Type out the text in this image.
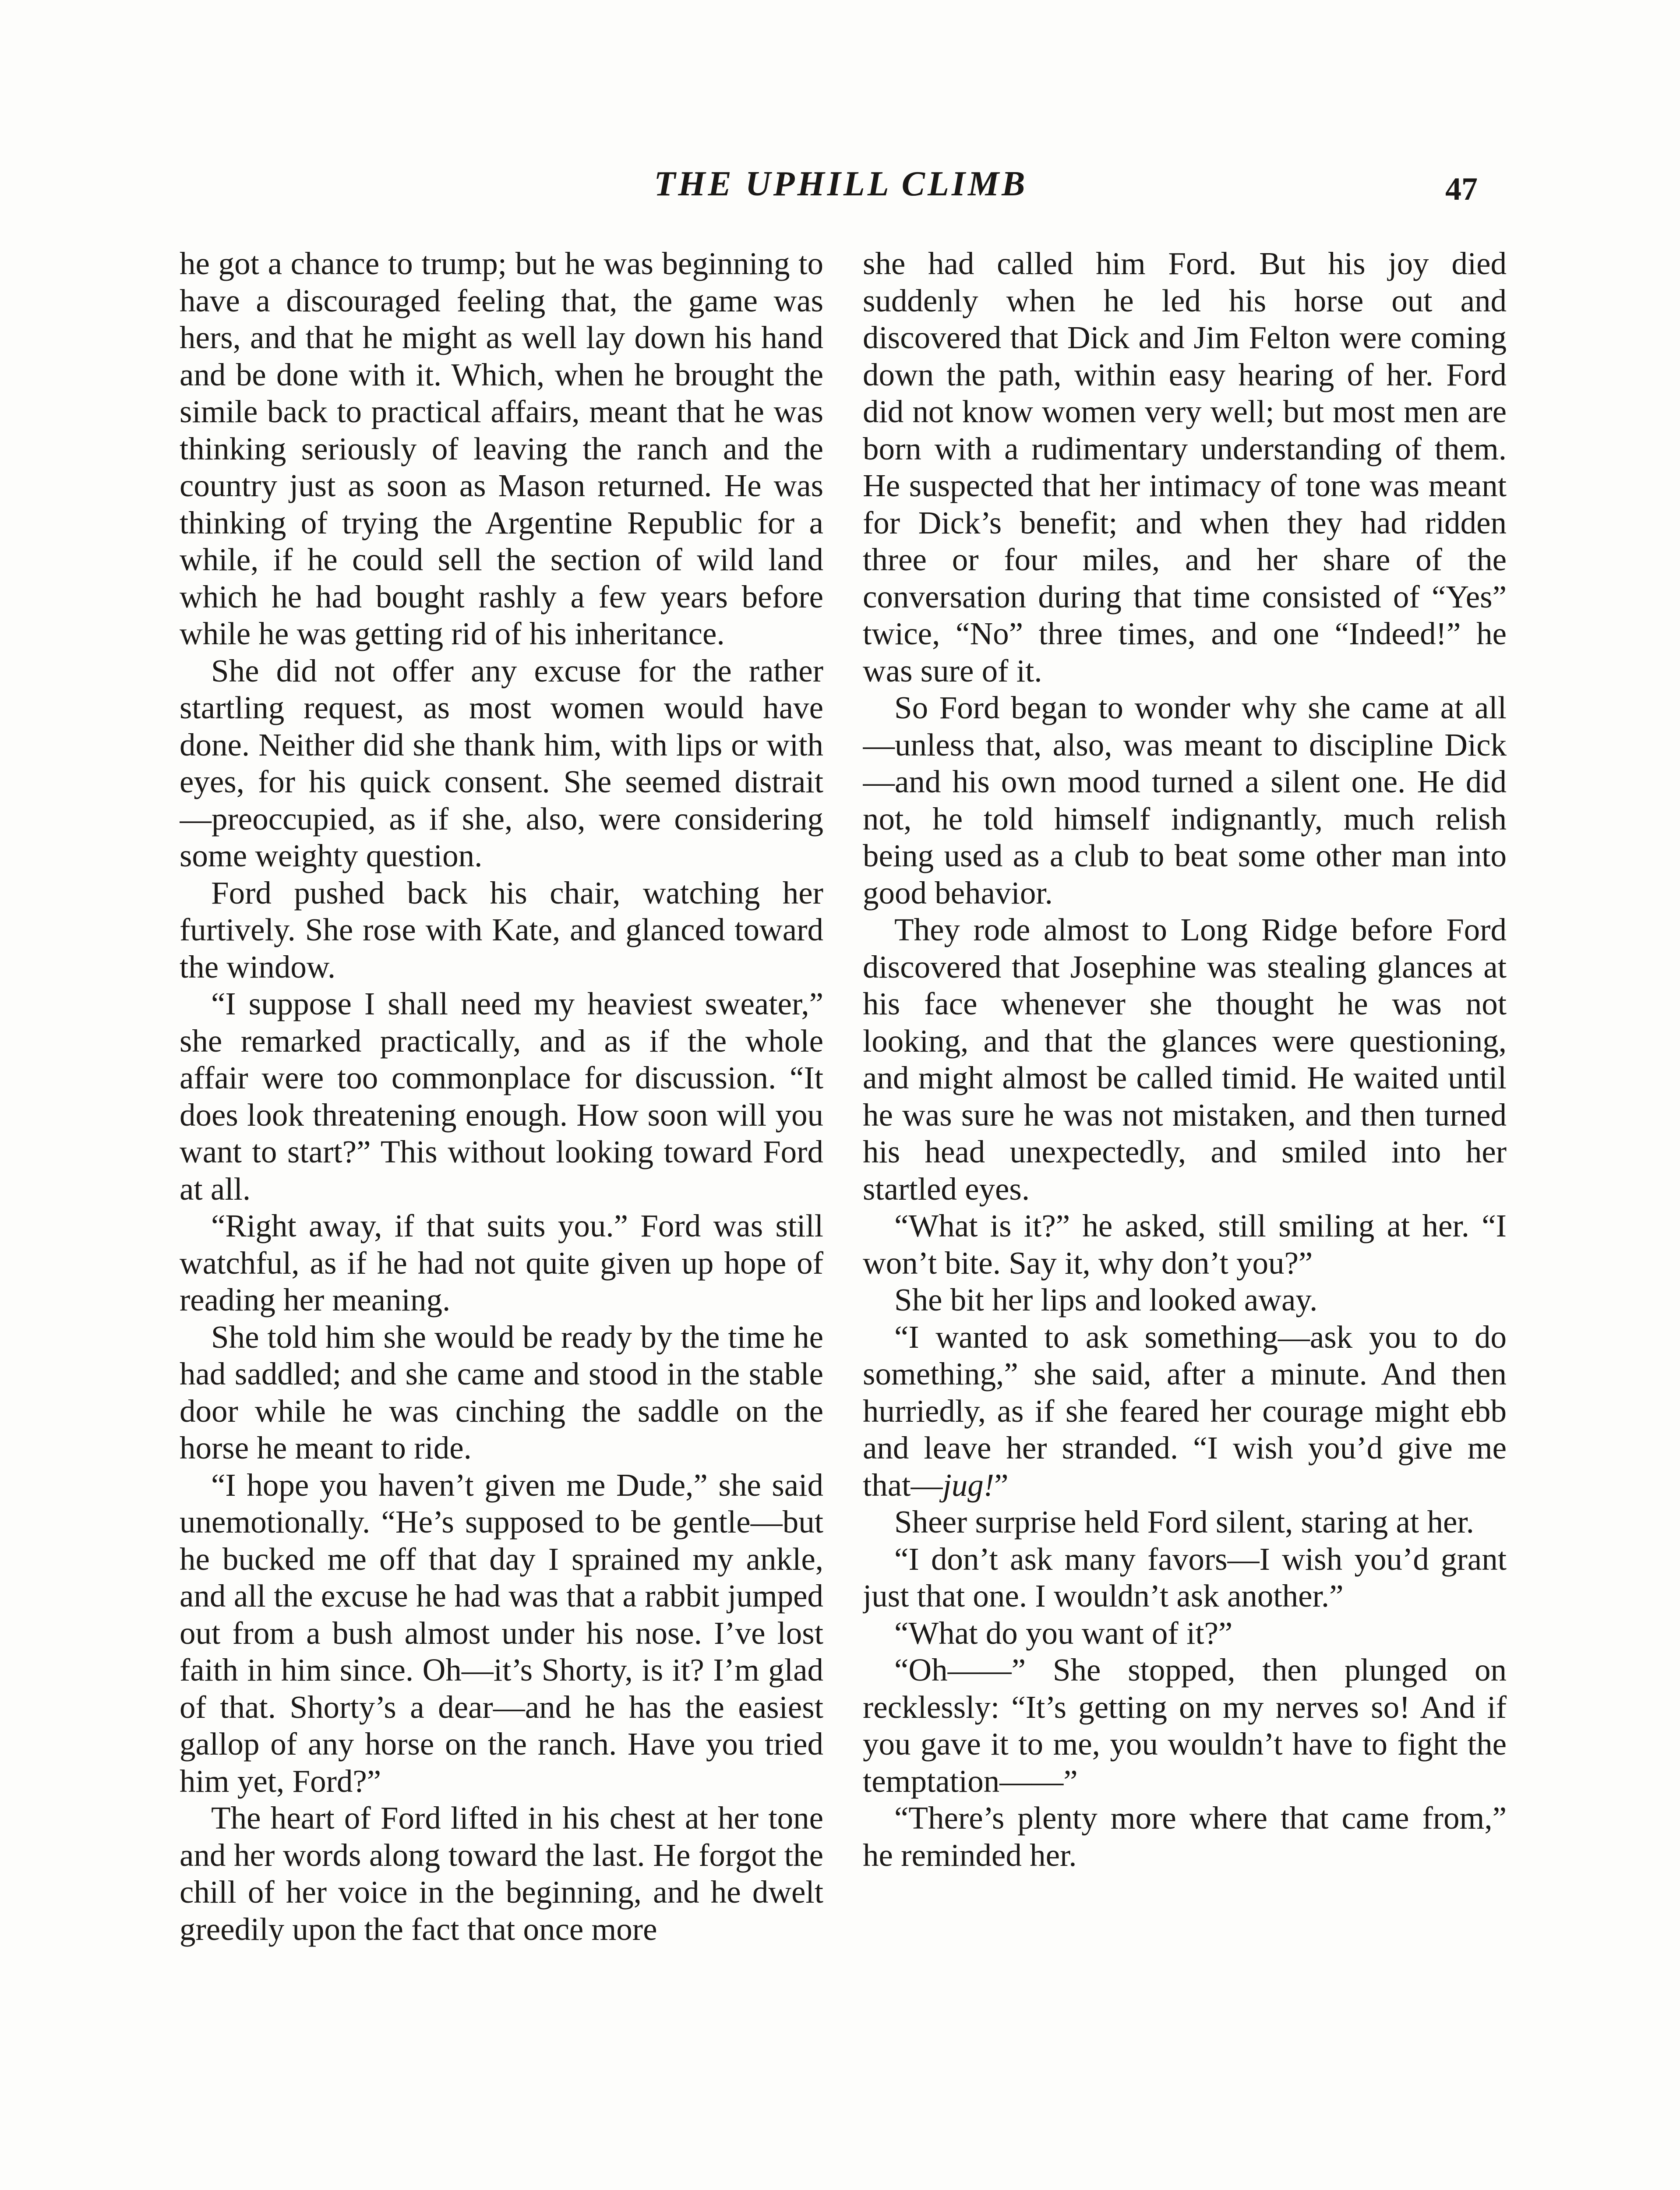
THE UPHILL CLIMB	47

he got a chance to trump; but he was beginning to have a discouraged feeling that, the game was hers, and that he might as well lay down his hand and be done with it. Which, when he brought the simile back to practical affairs, meant that he was thinking seriously of leaving the ranch and the country just as soon as Mason returned. He was thinking of trying the Argentine Republic for a while, if he could sell the section of wild land which he had bought rashly a few years before while he was getting rid of his inheritance.

She did not offer any excuse for the rather startling request, as most women would have done. Neither did she thank him, with lips or with eyes, for his quick consent. She seemed distrait —preoccupied, as if she, also, were considering some weighty question.

Ford pushed back his chair, watching her furtively. She rose with Kate, and glanced toward the window.

“I suppose I shall need my heaviest sweater,” she remarked practically, and as if the whole affair were too commonplace for discussion. “It does look threatening enough. How soon will you want to start?” This without looking toward Ford at all.

“Right away, if that suits you.” Ford was still watchful, as if he had not quite given up hope of reading her meaning.

She told him she would be ready by the time he had saddled; and she came and stood in the stable door while he was cinching the saddle on the horse he meant to ride.

“I hope you haven’t given me Dude,” she said unemotionally. “He’s supposed to be gentle—but he bucked me off that day I sprained my ankle, and all the excuse he had was that a rabbit jumped out from a bush almost under his nose. I’ve lost faith in him since. Oh—it’s Shorty, is it? I’m glad of that. Shorty’s a dear—and he has the easiest gallop of any horse on the ranch. Have you tried him yet, Ford?”

The heart of Ford lifted in his chest at her tone and her words along toward the last. He forgot the chill of her voice in the beginning, and he dwelt greedily upon the fact that once more

she had called him Ford. But his joy died suddenly when he led his horse out and discovered that Dick and Jim Felton were coming down the path, within easy hearing of her. Ford did not know women very well; but most men are born with a rudimentary understanding of them. He suspected that her intimacy of tone was meant for Dick’s benefit; and when they had ridden three or four miles, and her share of the conversation during that time consisted of “Yes” twice, “No” three times, and one “Indeed!” he was sure of it.

So Ford began to wonder why she came at all—unless that, also, was meant to discipline Dick—and his own mood turned a silent one. He did not, he told himself indignantly, much relish being used as a club to beat some other man into good behavior.

They rode almost to Long Ridge before Ford discovered that Josephine was stealing glances at his face whenever she thought he was not looking, and that the glances were questioning, and might almost be called timid. He waited until he was sure he was not mistaken, and then turned his head unexpectedly, and smiled into her startled eyes.

“What is it?” he asked, still smiling at her. “I won’t bite. Say it, why don’t you?”

She bit her lips and looked away.

“I wanted to ask something—ask you to do something,” she said, after a minute. And then hurriedly, as if she feared her courage might ebb and leave her stranded. “I wish you’d give me that—jug!”

Sheer surprise held Ford silent, staring at her.

“I don’t ask many favors—I wish you’d grant just that one. I wouldn’t ask another.”

“What do you want of it?”

“Oh——” She stopped, then plunged on recklessly: “It’s getting on my nerves so! And if you gave it to me, you wouldn’t have to fight the temptation——”

“There’s plenty more where that came from,” he reminded her.
